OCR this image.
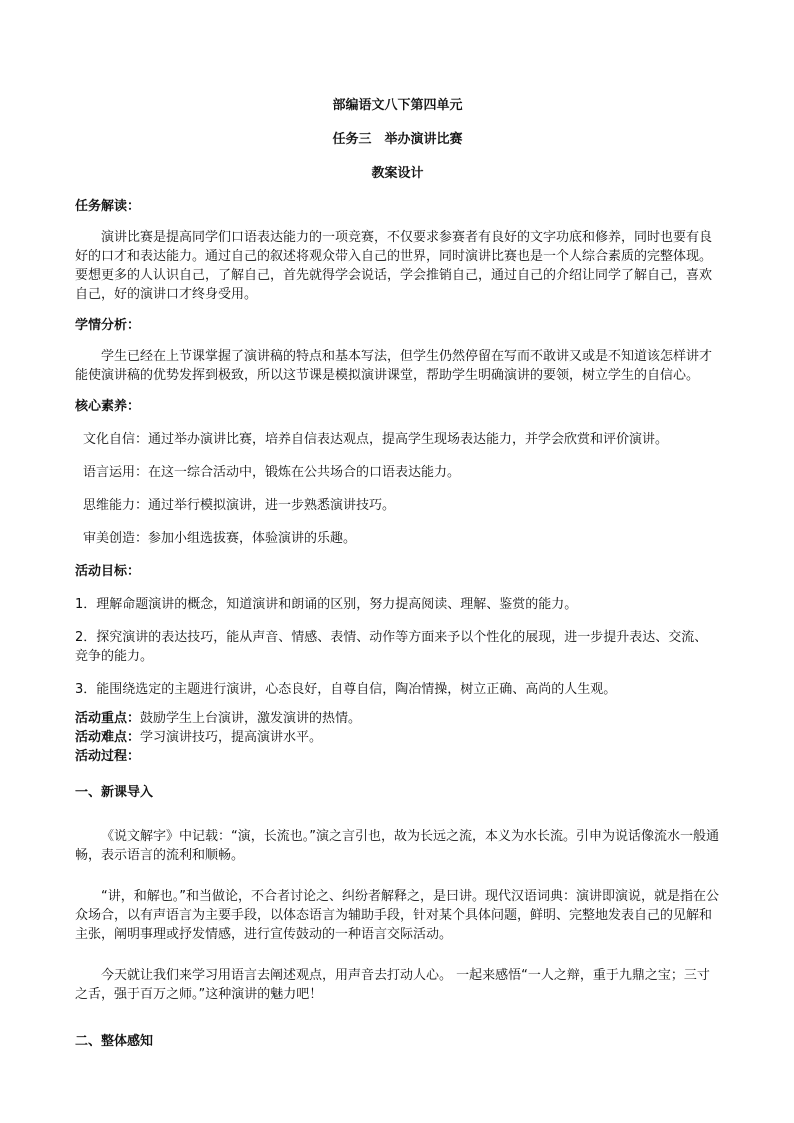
部编语文八下第四单元
任务三　举办演讲比赛
教案设计
任务解读：

演讲比赛是提高同学们口语表达能力的一项竞赛，不仅要求参赛者有良好的文字功底和修养，同时也要有良好的口才和表达能力。通过自己的叙述将观众带入自己的世界，同时演讲比赛也是一个人综合素质的完整体现。要想更多的人认识自己，了解自己，首先就得学会说话，学会推销自己，通过自己的介绍让同学了解自己，喜欢自己，好的演讲口才终身受用。

学情分析：

学生已经在上节课掌握了演讲稿的特点和基本写法，但学生仍然停留在写而不敢讲又或是不知道该怎样讲才能使演讲稿的优势发挥到极致，所以这节课是模拟演讲课堂，帮助学生明确演讲的要领，树立学生的自信心。

核心素养：

文化自信：通过举办演讲比赛，培养自信表达观点，提高学生现场表达能力，并学会欣赏和评价演讲。

语言运用：在这一综合活动中，锻炼在公共场合的口语表达能力。

思维能力：通过举行模拟演讲，进一步熟悉演讲技巧。

审美创造：参加小组选拔赛，体验演讲的乐趣。

活动目标：

1．理解命题演讲的概念，知道演讲和朗诵的区别，努力提高阅读、理解、鉴赏的能力。

2．探究演讲的表达技巧，能从声音、情感、表情、动作等方面来予以个性化的展现，进一步提升表达、交流、竞争的能力。

3．能围绕选定的主题进行演讲，心态良好，自尊自信，陶冶情操，树立正确、高尚的人生观。

活动重点：鼓励学生上台演讲，激发演讲的热情。

活动难点：学习演讲技巧，提高演讲水平。

活动过程：

一、新课导入

《说文解字》中记载：“演，长流也。”演之言引也，故为长远之流，本义为水长流。引申为说话像流水一般通畅，表示语言的流利和顺畅。

“讲，和解也。”和当做论，不合者讨论之、纠纷者解释之，是曰讲。现代汉语词典：演讲即演说，就是指在公众场合，以有声语言为主要手段，以体态语言为辅助手段，针对某个具体问题，鲜明、完整地发表自己的见解和主张，阐明事理或抒发情感，进行宣传鼓动的一种语言交际活动。

今天就让我们来学习用语言去阐述观点，用声音去打动人心。 一起来感悟“一人之辩，重于九鼎之宝；三寸之舌，强于百万之师。”这种演讲的魅力吧！

二、整体感知
